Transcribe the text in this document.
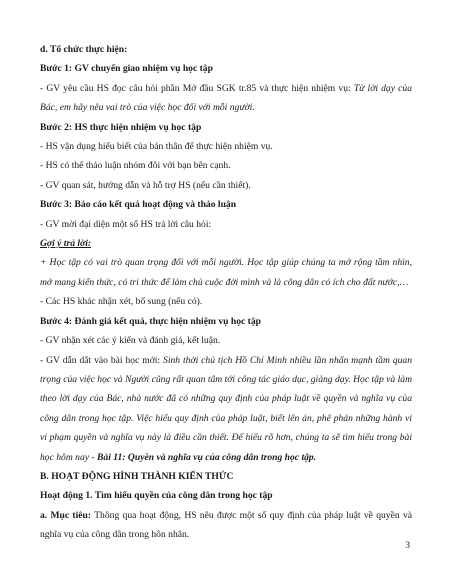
d. Tổ chức thực hiện:

Bước 1: GV chuyển giao nhiệm vụ học tập

- GV yêu cầu HS đọc câu hỏi phần Mở đầu SGK tr.85 và thực hiện nhiệm vụ: Từ lời dạy của Bác, em hãy nêu vai trò của việc học đối với mỗi người.

Bước 2: HS thực hiện nhiệm vụ học tập

- HS vận dụng hiểu biết của bản thân để thực hiện nhiệm vụ.

- HS có thể thảo luận nhóm đôi với bạn bên cạnh.

- GV quan sát, hướng dẫn và hỗ trợ HS (nếu cần thiết).

Bước 3: Báo cáo kết quả hoạt động và thảo luận

- GV mời đại diện một số HS trả lời câu hỏi:

Gợi ý trả lời:

+ Học tập có vai trò quan trọng đối với mỗi người. Học tập giúp chúng ta mở rộng tầm nhìn, mở mang kiến thức, có tri thức để làm chủ cuộc đời mình và là công dân có ích cho đất nước,…

- Các HS khác nhận xét, bổ sung (nếu có).

Bước 4: Đánh giá kết quả, thực hiện nhiệm vụ học tập

- GV nhận xét các ý kiến và đánh giá, kết luận.

- GV dẫn dắt vào bài học mới: Sinh thời chủ tịch Hồ Chí Minh nhiều lần nhấn mạnh tầm quan trọng của việc học và Người cũng rất quan tâm tới công tác giáo dục, giảng dạy. Học tập và làm theo lời dạy của Bác, nhà nước đã có những quy định của pháp luật về quyền và nghĩa vụ của công dân trong học tập. Việc hiểu quy định của pháp luật, biết lên án, phê phán những hành vi vi phạm quyền và nghĩa vụ này là điều cần thiết. Để hiểu rõ hơn, chúng ta sẽ tìm hiểu trong bài học hôm nay - Bài 11: Quyền và nghĩa vụ của công dân trong học tập.

B. HOẠT ĐỘNG HÌNH THÀNH KIẾN THỨC

Hoạt động 1. Tìm hiểu quyền của công dân trong học tập

a. Mục tiêu: Thông qua hoạt động, HS nêu được một số quy định của pháp luật về quyền và nghĩa vụ của công dân trong hôn nhân.

3
